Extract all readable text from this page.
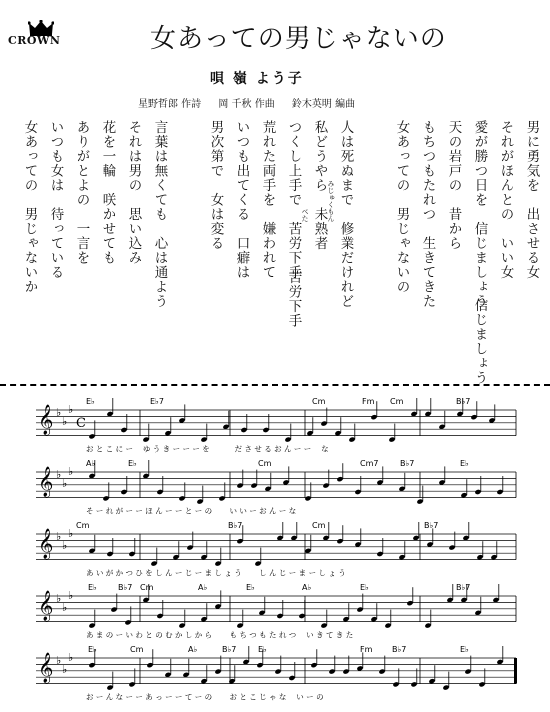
CROWN	女あっての男じゃないの
唄 嶺 よう子
星野哲郎 作詩 岡 千秋 作曲 鈴木英明 編曲
男に勇気を　出させる女
それがほんとの　いい女
愛が勝つ日を　信じましょう
天の岩戸の　昔から
もちつもたれつ　生きてきた
女あっての　男じゃないの
人は死ぬまで　修業だけれど
私どうやら　未熟者
つくし上手で　苦労下手
荒れた両手を　嫌われて
いつも出てくる　口癖は
男次第で　女は変る
言葉は無くても　心は通よう
それは男の　思い込み
花を一輪　咲かせても
ありがとよの　一言を
いつも女は　待っている
女あっての　男じゃないか
信じましょう
苦労下手
みじゅくもん
べた
𝄞 ♭
♭
♭
C
E♭	E♭7	Cm	Fm Cm	B♭7
お と こ に ー　 ゆ う き ー ー ー を　　　 だ さ せ る お ん ー ー　 な
𝄞 ♭
♭
♭
A♭	E♭	Cm	Cm7	B♭7	E♭
そ ー れ が ー ー ほ ん ー ー と ー の　　 い い ー お ん ー な
𝄞 ♭
♭
♭
Cm	B♭7	Cm	B♭7
あ い が か つ ひ を し ん ー じ ー ま し ょ う　　 し ん じ ー ま ー し ょ う
𝄞 ♭
♭
♭
E♭	B♭7 Cm	A♭	E♭	A♭	E♭	B♭7
あ ま の ー い わ と の む か し か ら　　 も ち つ も た れ つ　 い き て き た
𝄞 ♭
♭
♭
E♭	Cm	A♭	B♭7	E♭	Fm B♭7	E♭
お ー ん な ー ー あ っ ー ー て ー の　　 お と こ じ ゃ な　 い ー の
